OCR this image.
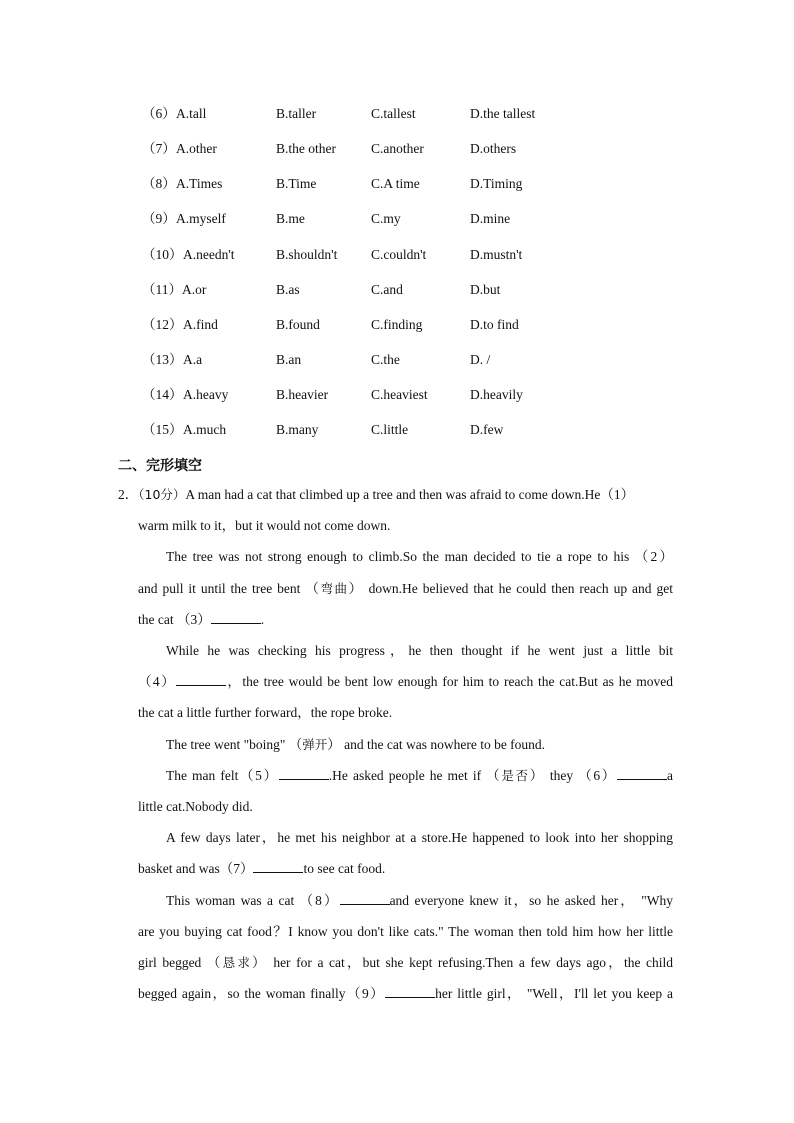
（6） A.tall	B.taller	C.tallest	D.the tallest
（7） A.other	B.the other	C.another	D.others
（8） A.Times	B.Time	C.A time	D.Timing
（9） A.myself	B.me	C.my	D.mine
（10） A.needn't	B.shouldn't C.couldn't	D.mustn't
（11） A.or	B.as	C.and	D.but
（12） A.find	B.found	C.finding	D.to find
（13） A.a	B.an	C.the	D. /
（14） A.heavy	B.heavier	C.heaviest	D.heavily
（15） A.much	B.many	C.little	D.few
二、完形填空
2．（10分）A man had a cat that climbed up a tree and then was afraid to come down.He（1）
warm milk to it，but it would not come down.
The tree was not strong enough to climb.So the man decided to tie a rope to his （2）
and pull it until the tree bent （弯曲） down.He believed that he could then reach up and get
the cat （3）	.
While he was checking his progress，he then thought if he went just a little bit
（4）	，the tree would be bent low enough for him to reach the cat.But as he moved
the cat a little further forward，the rope broke.
The tree went "boing" （弹开） and the cat was nowhere to be found.
The man felt（5）	.He asked people he met if （是否） they （6）	a
little cat.Nobody did.
A few days later，he met his neighbor at a store.He happened to look into her shopping
basket and was（7）	to see cat food.
This woman was a cat （8）	and everyone knew it，so he asked her， "Why
are you buying cat food？I know you don't like cats." The woman then told him how her little
girl begged （恳求） her for a cat，but she kept refusing.Then a few days ago，the child
begged again，so the woman finally（9）	her little girl， "Well，I'll let you keep a
